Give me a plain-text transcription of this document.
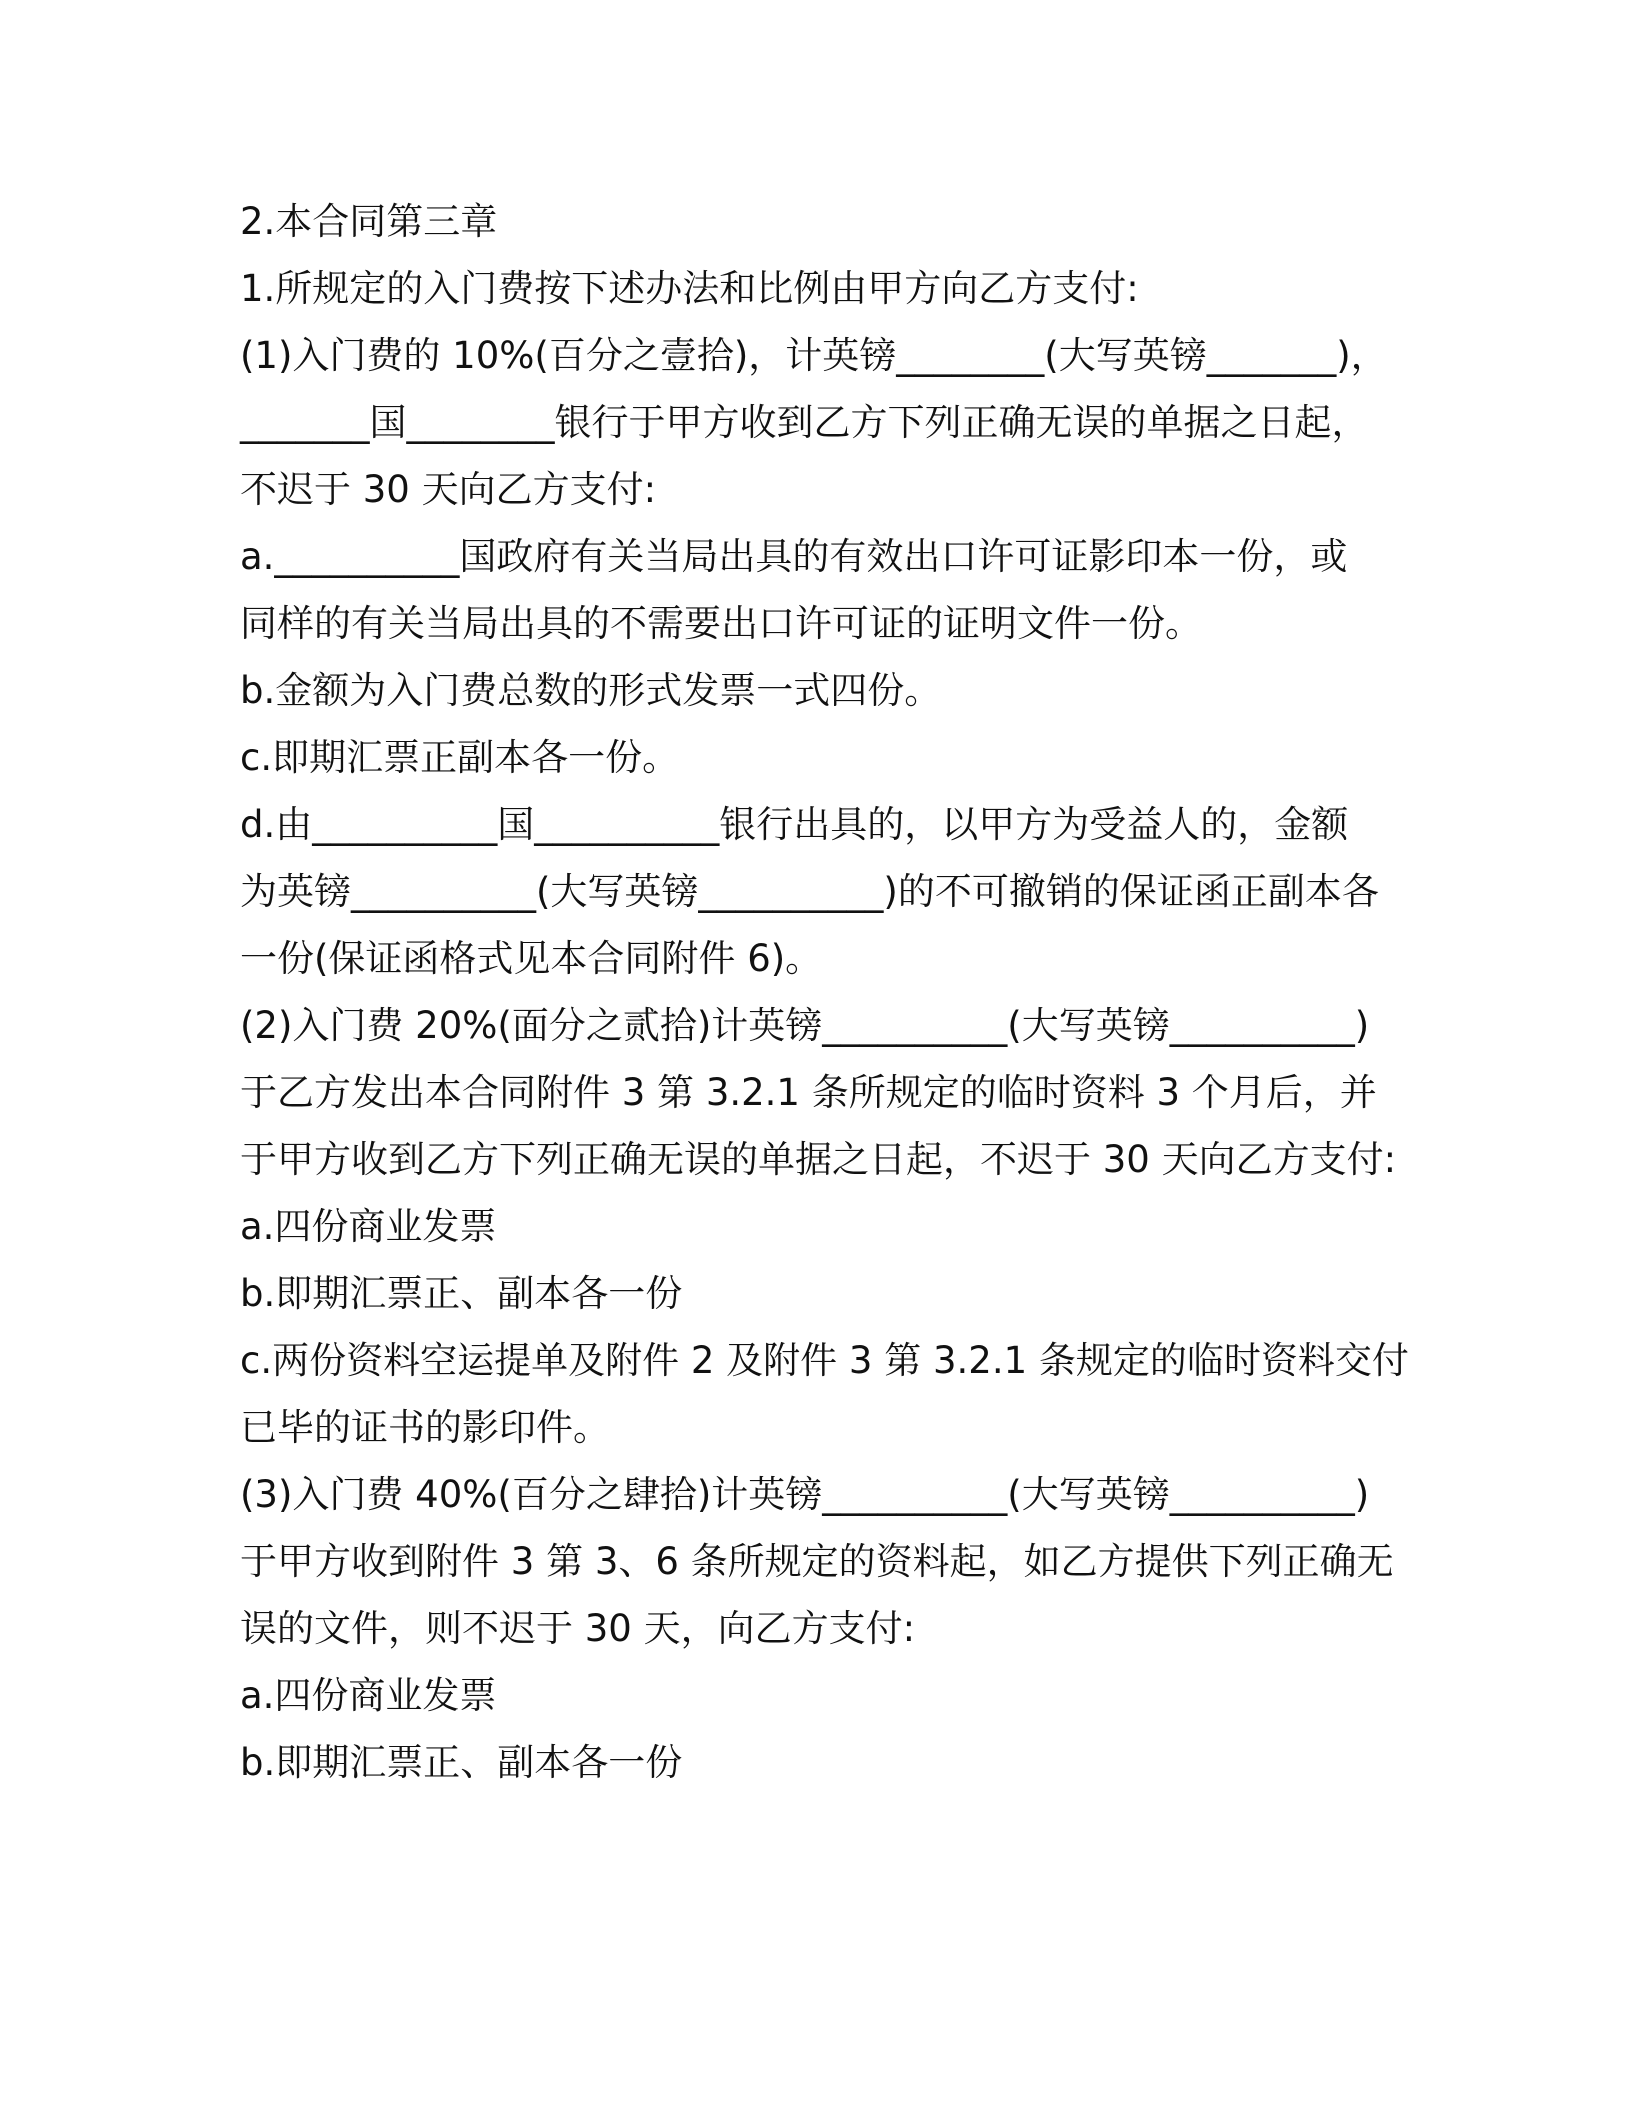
2.本合同第三章
1.所规定的入门费按下述办法和比例由甲方向乙方支付:
(1)入门费的 10%(百分之壹拾)，计英镑________(大写英镑_______)，
_______国________银行于甲方收到乙方下列正确无误的单据之日起，
不迟于 30 天向乙方支付:
a.__________国政府有关当局出具的有效出口许可证影印本一份，或
同样的有关当局出具的不需要出口许可证的证明文件一份。
b.金额为入门费总数的形式发票一式四份。
c.即期汇票正副本各一份。
d.由__________国__________银行出具的，以甲方为受益人的，金额
为英镑__________(大写英镑__________)的不可撤销的保证函正副本各
一份(保证函格式见本合同附件 6)。
(2)入门费 20%(面分之贰拾)计英镑__________(大写英镑__________)
于乙方发出本合同附件 3 第 3.2.1 条所规定的临时资料 3 个月后，并
于甲方收到乙方下列正确无误的单据之日起，不迟于 30 天向乙方支付:
a.四份商业发票
b.即期汇票正、副本各一份
c.两份资料空运提单及附件 2 及附件 3 第 3.2.1 条规定的临时资料交付
已毕的证书的影印件。
(3)入门费 40%(百分之肆拾)计英镑__________(大写英镑__________)
于甲方收到附件 3 第 3、6 条所规定的资料起，如乙方提供下列正确无
误的文件，则不迟于 30 天，向乙方支付:
a.四份商业发票
b.即期汇票正、副本各一份
